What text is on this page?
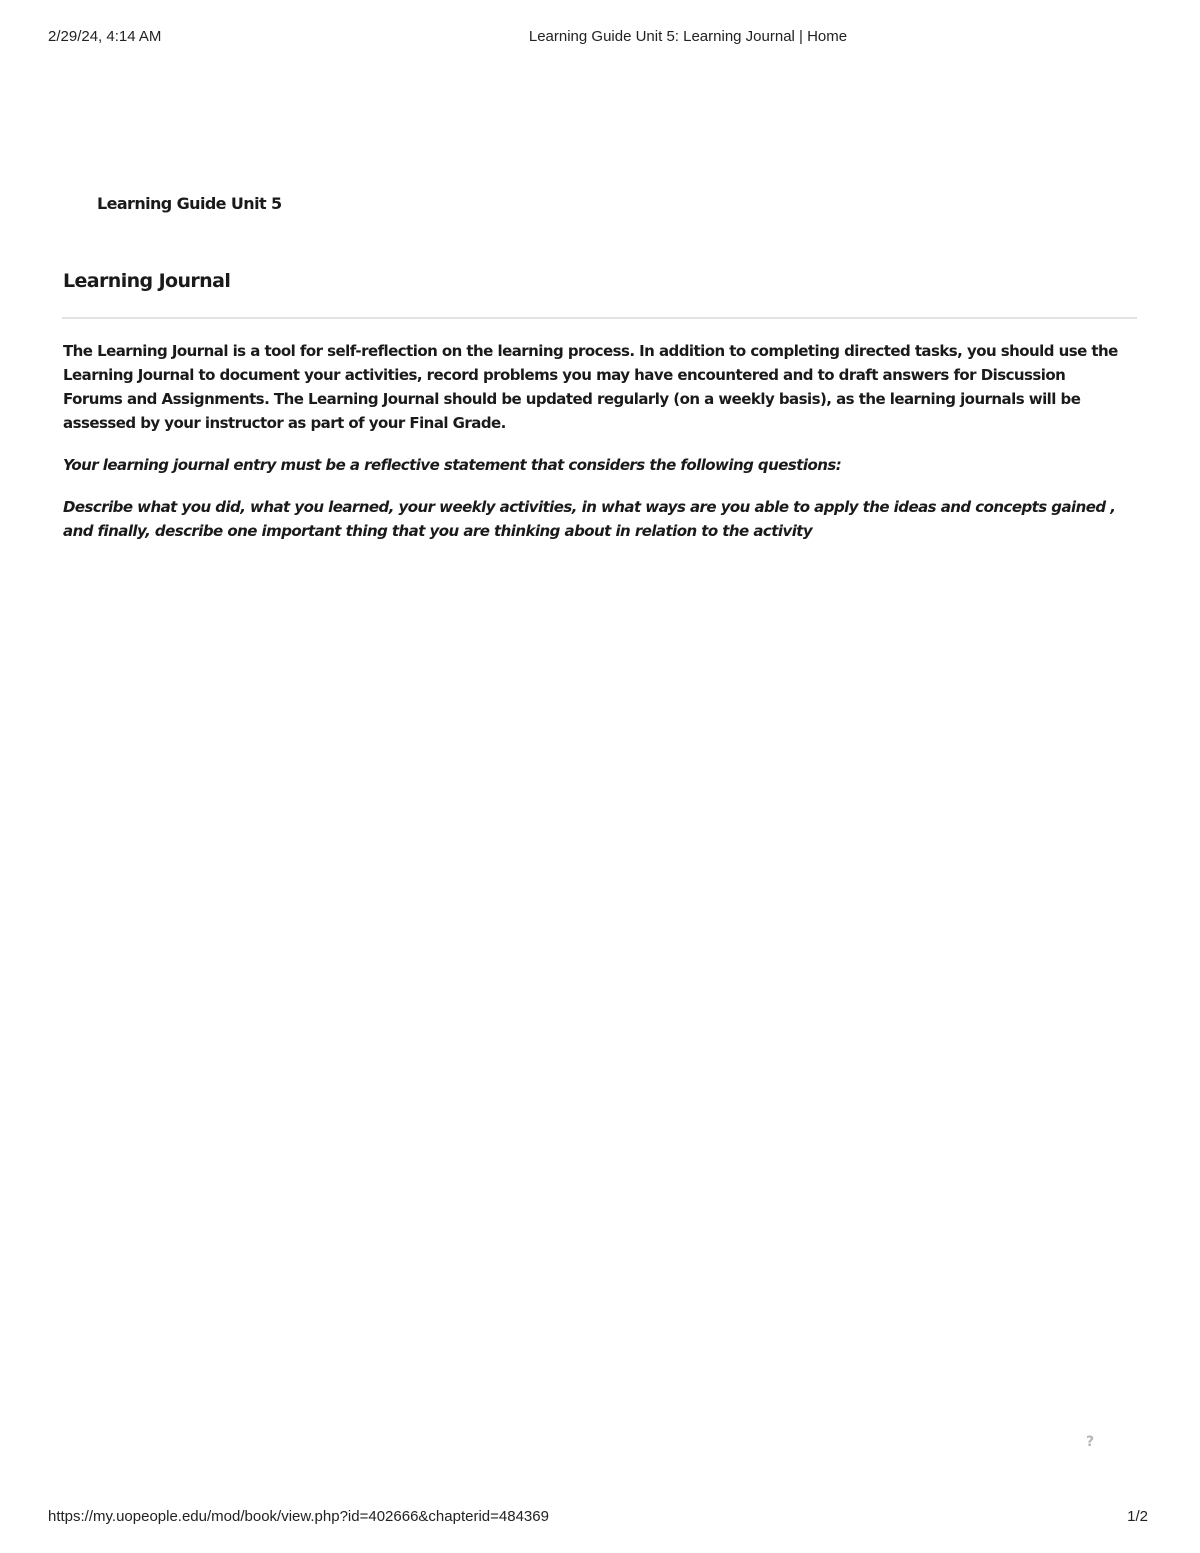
2/29/24, 4:14 AM	Learning Guide Unit 5: Learning Journal | Home
Learning Guide Unit 5
Learning Journal

The Learning Journal is a tool for self-reflection on the learning process. In addition to completing directed tasks, you should use the Learning Journal to document your activities, record problems you may have encountered and to draft answers for Discussion Forums and Assignments. The Learning Journal should be updated regularly (on a weekly basis), as the learning journals will be assessed by your instructor as part of your Final Grade.

Your learning journal entry must be a reflective statement that considers the following questions:

Describe what you did, what you learned, your weekly activities, in what ways are you able to apply the ideas and concepts gained , and finally, describe one important thing that you are thinking about in relation to the activity

?
https://my.uopeople.edu/mod/book/view.php?id=402666&chapterid=484369	1/2
